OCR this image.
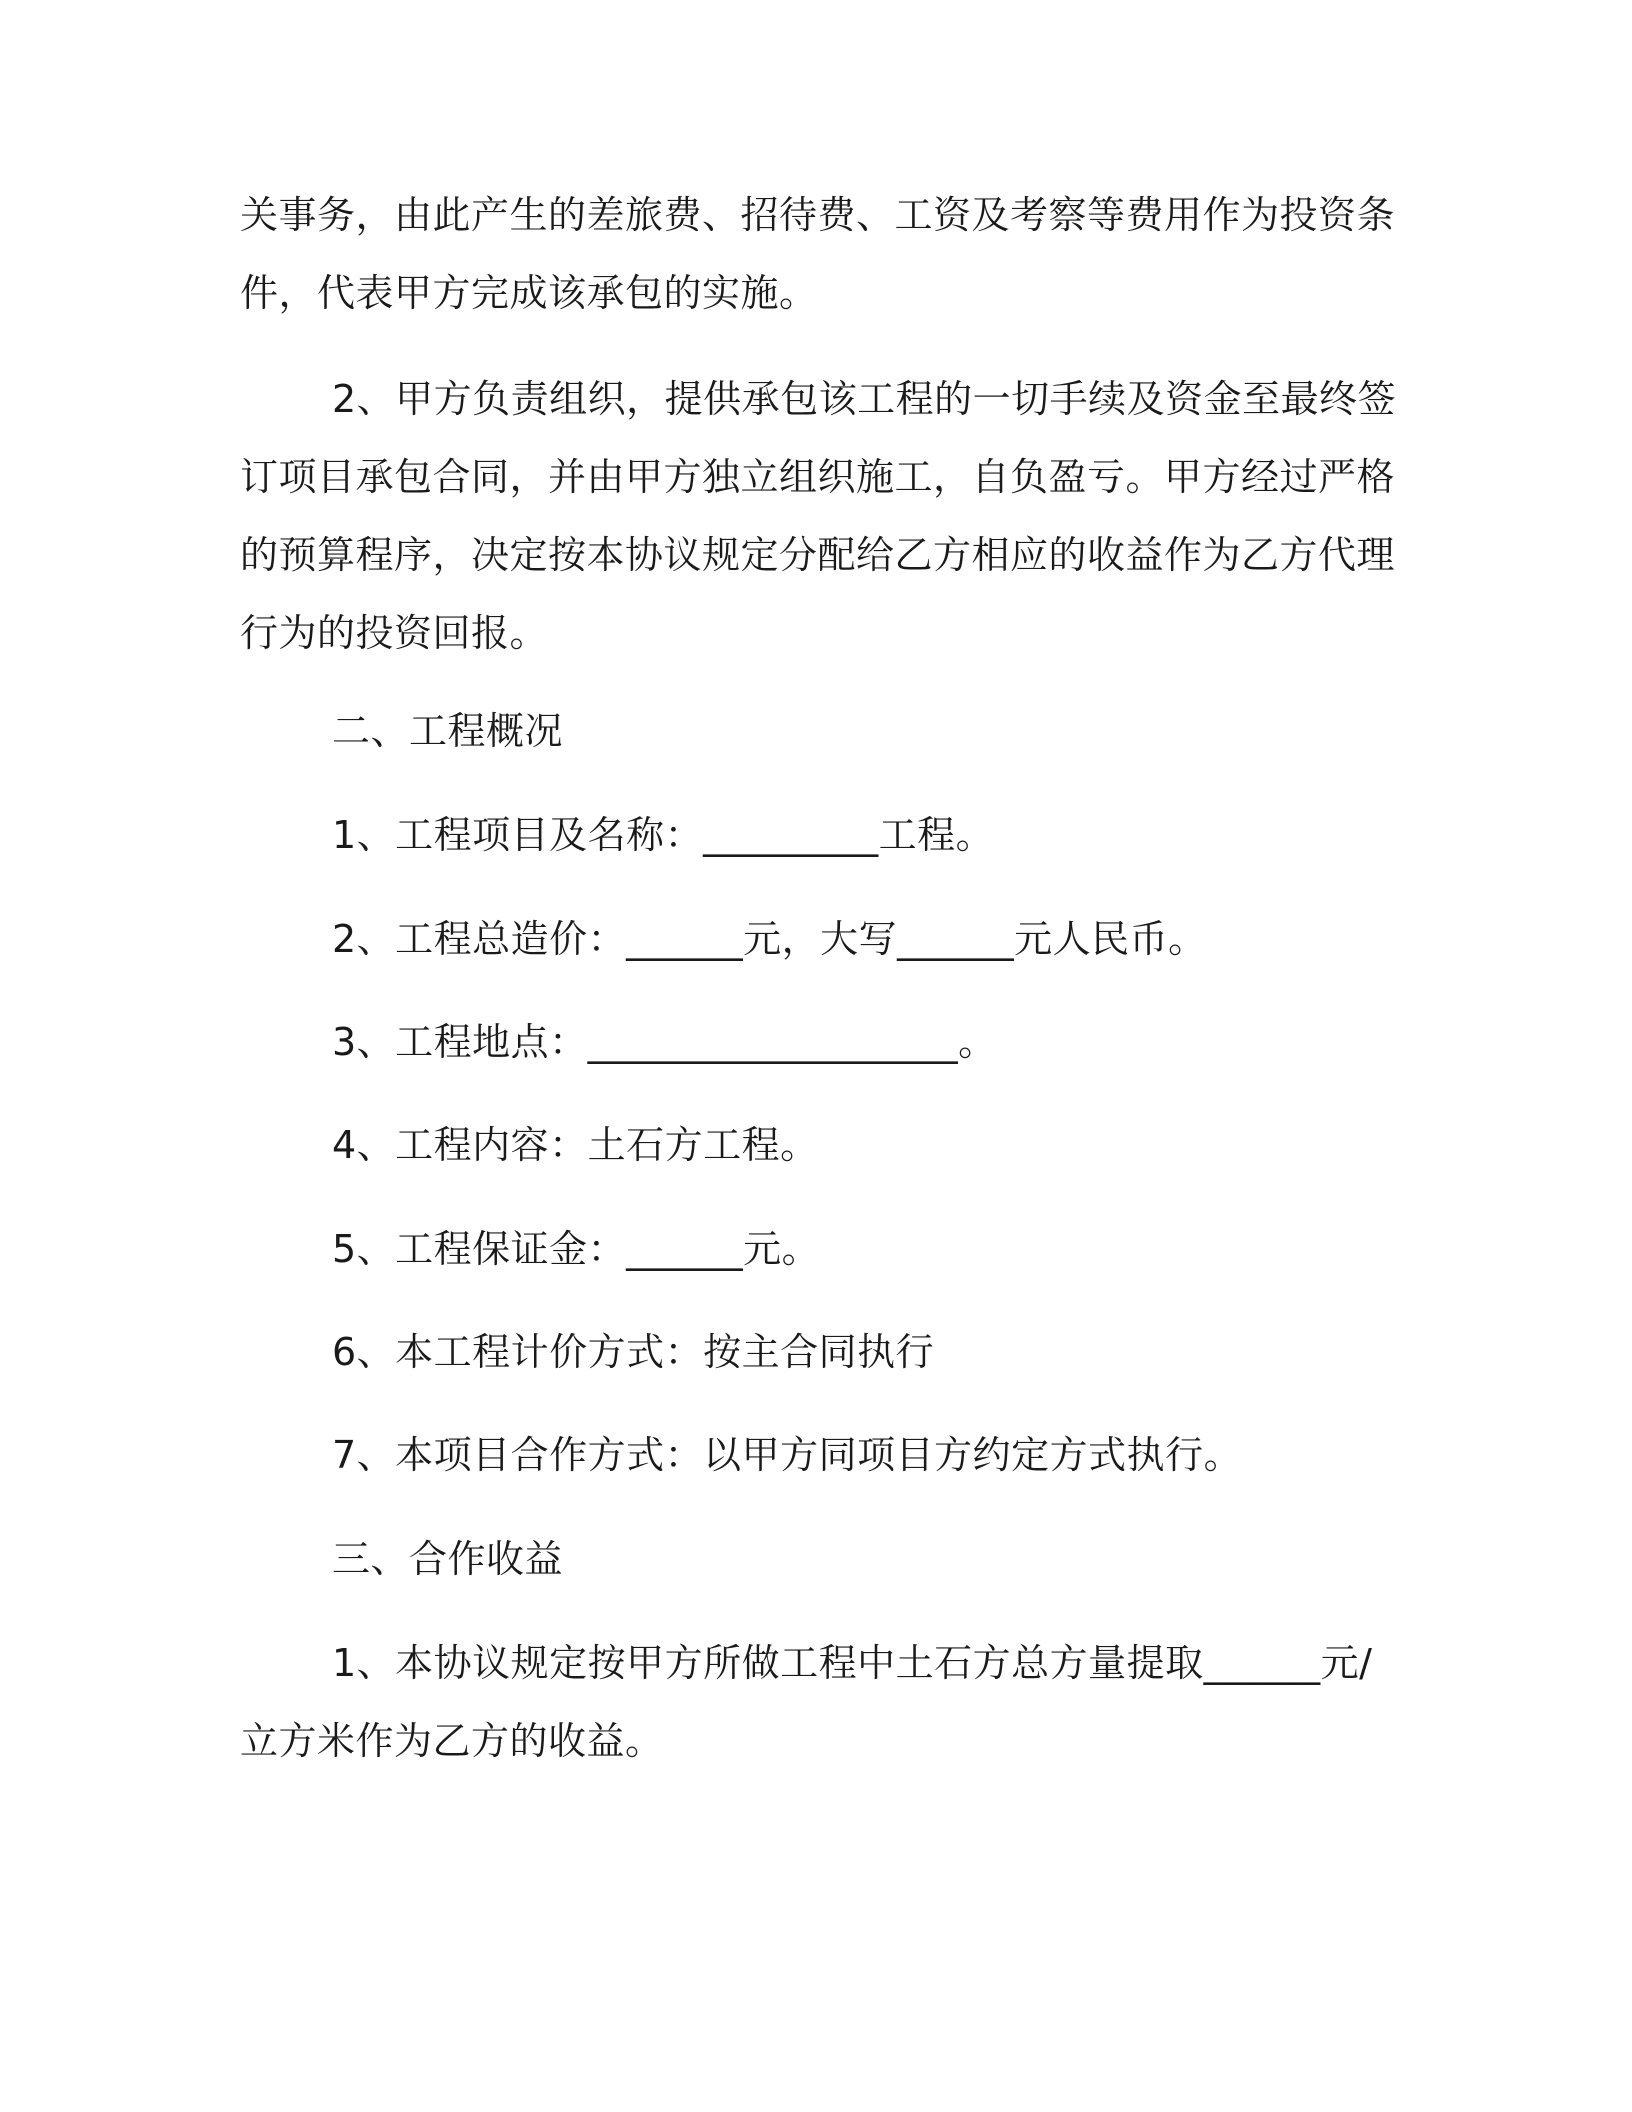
关事务，由此产生的差旅费、招待费、工资及考察等费用作为投资条
件，代表甲方完成该承包的实施。
2、甲方负责组织，提供承包该工程的一切手续及资金至最终签
订项目承包合同，并由甲方独立组织施工，自负盈亏。甲方经过严格
的预算程序，决定按本协议规定分配给乙方相应的收益作为乙方代理
行为的投资回报。

二、工程概况

1、工程项目及名称：_________工程。

2、工程总造价：______元，大写______元人民币。

3、工程地点：___________________。

4、工程内容：土石方工程。

5、工程保证金：______元。

6、本工程计价方式：按主合同执行

7、本项目合作方式：以甲方同项目方约定方式执行。

三、合作收益

1、本协议规定按甲方所做工程中土石方总方量提取______元/
立方米作为乙方的收益。
